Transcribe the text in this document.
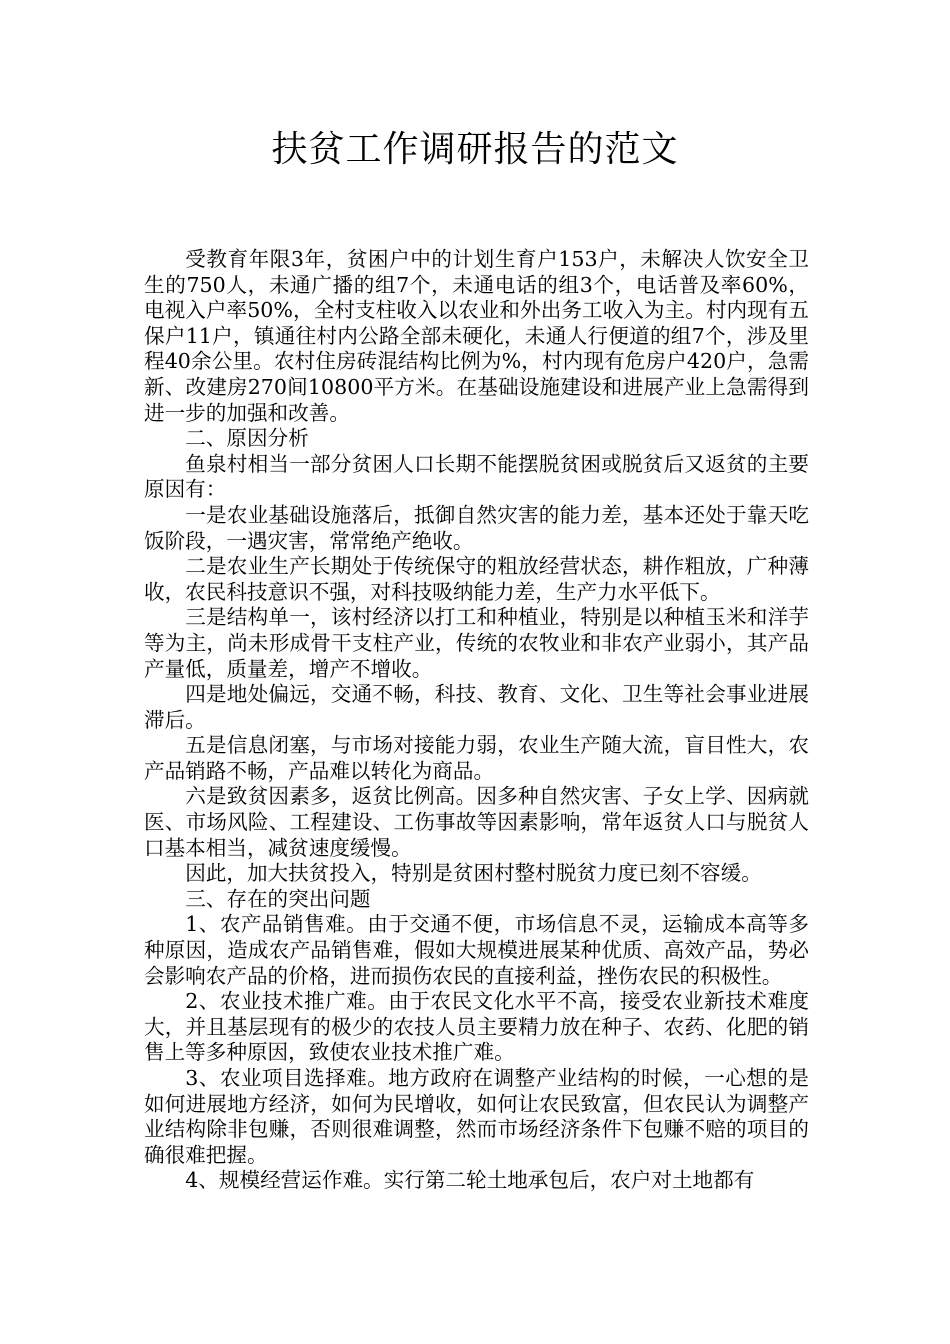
扶贫工作调研报告的范文

受教育年限3年，贫困户中的计划生育户153户，未解决人饮安全卫生的750人，未通广播的组7个，未通电话的组3个，电话普及率60%，电视入户率50%，全村支柱收入以农业和外出务工收入为主。村内现有五保户11户，镇通往村内公路全部未硬化，未通人行便道的组7个，涉及里程40余公里。农村住房砖混结构比例为%，村内现有危房户420户，急需新、改建房270间10800平方米。在基础设施建设和进展产业上急需得到进一步的加强和改善。

二、原因分析

鱼泉村相当一部分贫困人口长期不能摆脱贫困或脱贫后又返贫的主要原因有：

一是农业基础设施落后，抵御自然灾害的能力差，基本还处于靠天吃饭阶段，一遇灾害，常常绝产绝收。

二是农业生产长期处于传统保守的粗放经营状态，耕作粗放，广种薄收，农民科技意识不强，对科技吸纳能力差，生产力水平低下。

三是结构单一，该村经济以打工和种植业，特别是以种植玉米和洋芋等为主，尚未形成骨干支柱产业，传统的农牧业和非农产业弱小，其产品产量低，质量差，增产不增收。

四是地处偏远，交通不畅，科技、教育、文化、卫生等社会事业进展滞后。

五是信息闭塞，与市场对接能力弱，农业生产随大流，盲目性大，农产品销路不畅，产品难以转化为商品。

六是致贫因素多，返贫比例高。因多种自然灾害、子女上学、因病就医、市场风险、工程建设、工伤事故等因素影响，常年返贫人口与脱贫人口基本相当，减贫速度缓慢。

因此，加大扶贫投入，特别是贫困村整村脱贫力度已刻不容缓。

三、存在的突出问题

1、农产品销售难。由于交通不便，市场信息不灵，运输成本高等多种原因，造成农产品销售难，假如大规模进展某种优质、高效产品，势必会影响农产品的价格，进而损伤农民的直接利益，挫伤农民的积极性。

2、农业技术推广难。由于农民文化水平不高，接受农业新技术难度大，并且基层现有的极少的农技人员主要精力放在种子、农药、化肥的销售上等多种原因，致使农业技术推广难。

3、农业项目选择难。地方政府在调整产业结构的时候，一心想的是如何进展地方经济，如何为民增收，如何让农民致富，但农民认为调整产业结构除非包赚，否则很难调整，然而市场经济条件下包赚不赔的项目的确很难把握。

4、规模经营运作难。实行第二轮土地承包后，农户对土地都有
